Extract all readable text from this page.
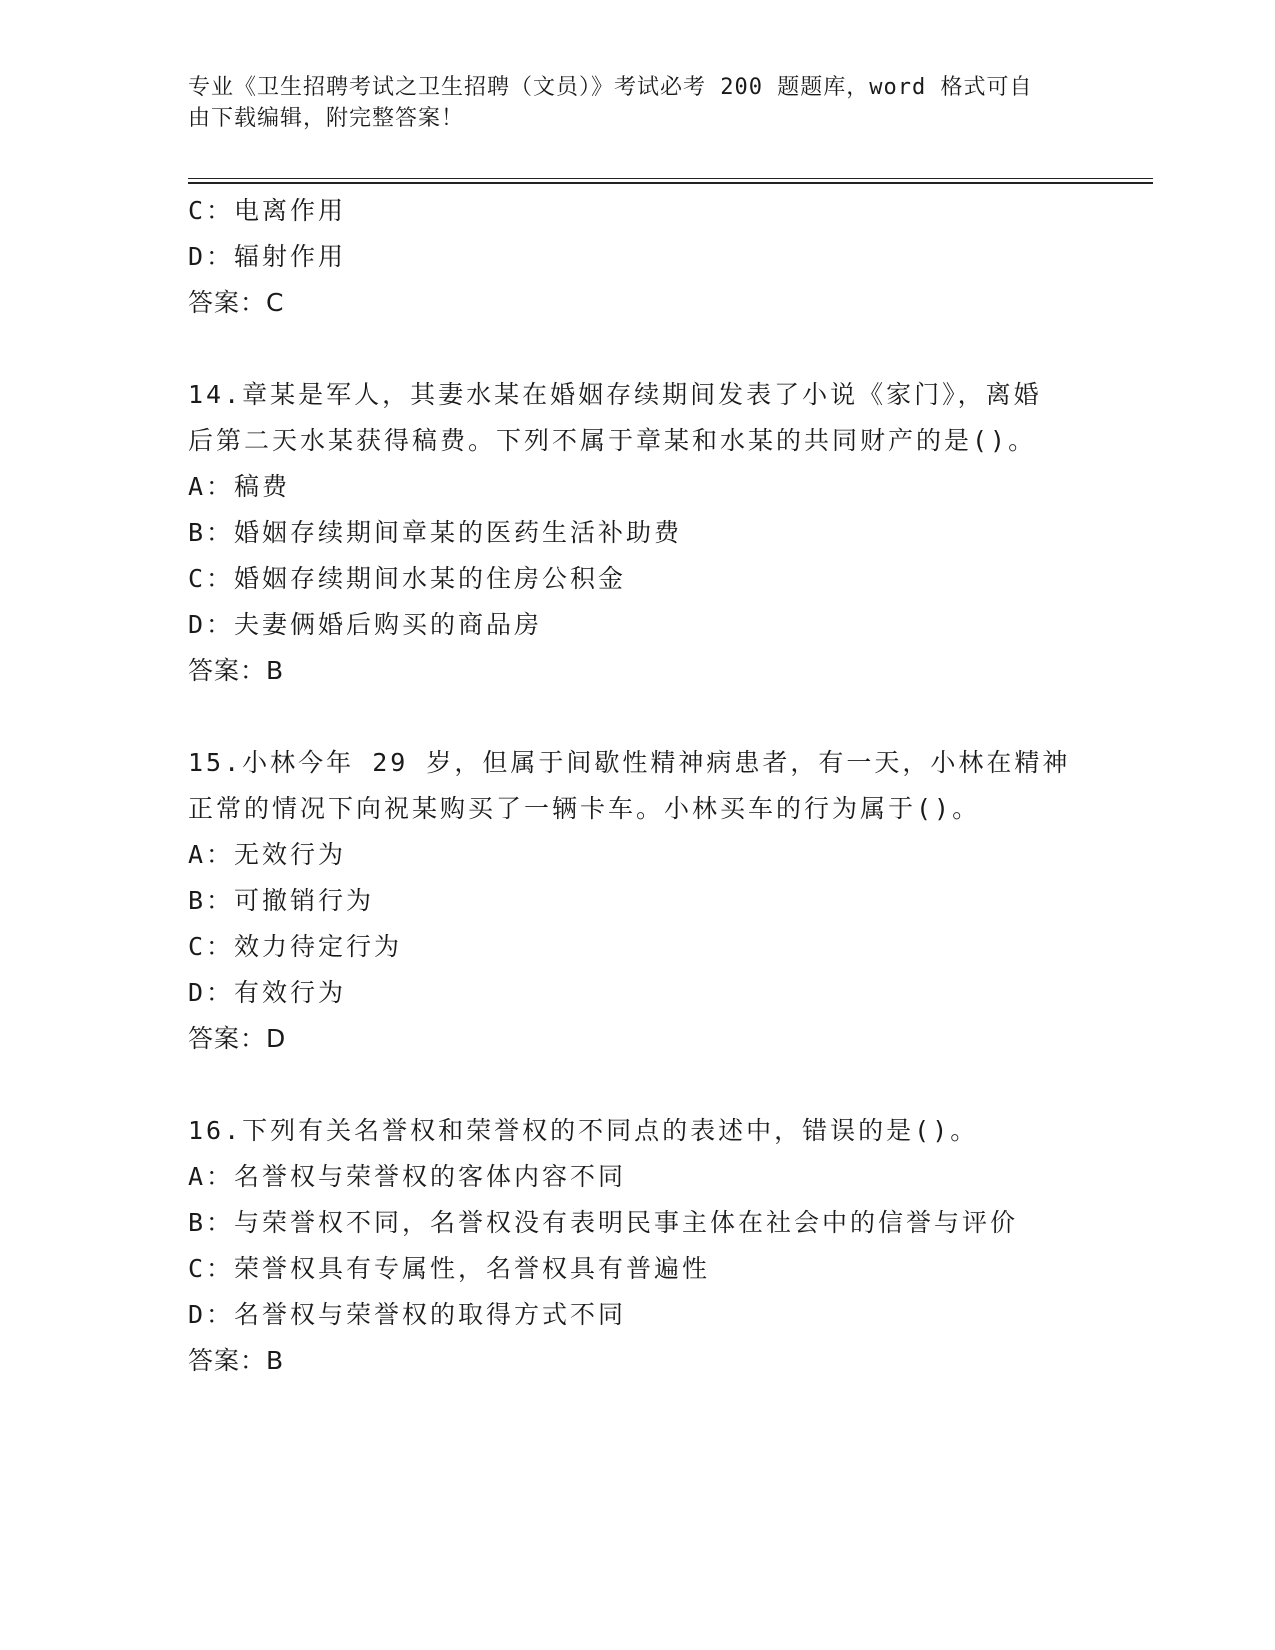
专业《卫生招聘考试之卫生招聘（文员）》考试必考 200 题题库，word 格式可自
由下载编辑，附完整答案！
C：电离作用
D：辐射作用
答案：C
14.章某是军人，其妻水某在婚姻存续期间发表了小说《家门》，离婚
后第二天水某获得稿费。下列不属于章某和水某的共同财产的是()。
A：稿费
B：婚姻存续期间章某的医药生活补助费
C：婚姻存续期间水某的住房公积金
D：夫妻俩婚后购买的商品房
答案：B
15.小林今年 29 岁，但属于间歇性精神病患者，有一天，小林在精神
正常的情况下向祝某购买了一辆卡车。小林买车的行为属于()。
A：无效行为
B：可撤销行为
C：效力待定行为
D：有效行为
答案：D
16.下列有关名誉权和荣誉权的不同点的表述中，错误的是()。
A：名誉权与荣誉权的客体内容不同
B：与荣誉权不同，名誉权没有表明民事主体在社会中的信誉与评价
C：荣誉权具有专属性，名誉权具有普遍性
D：名誉权与荣誉权的取得方式不同
答案：B
